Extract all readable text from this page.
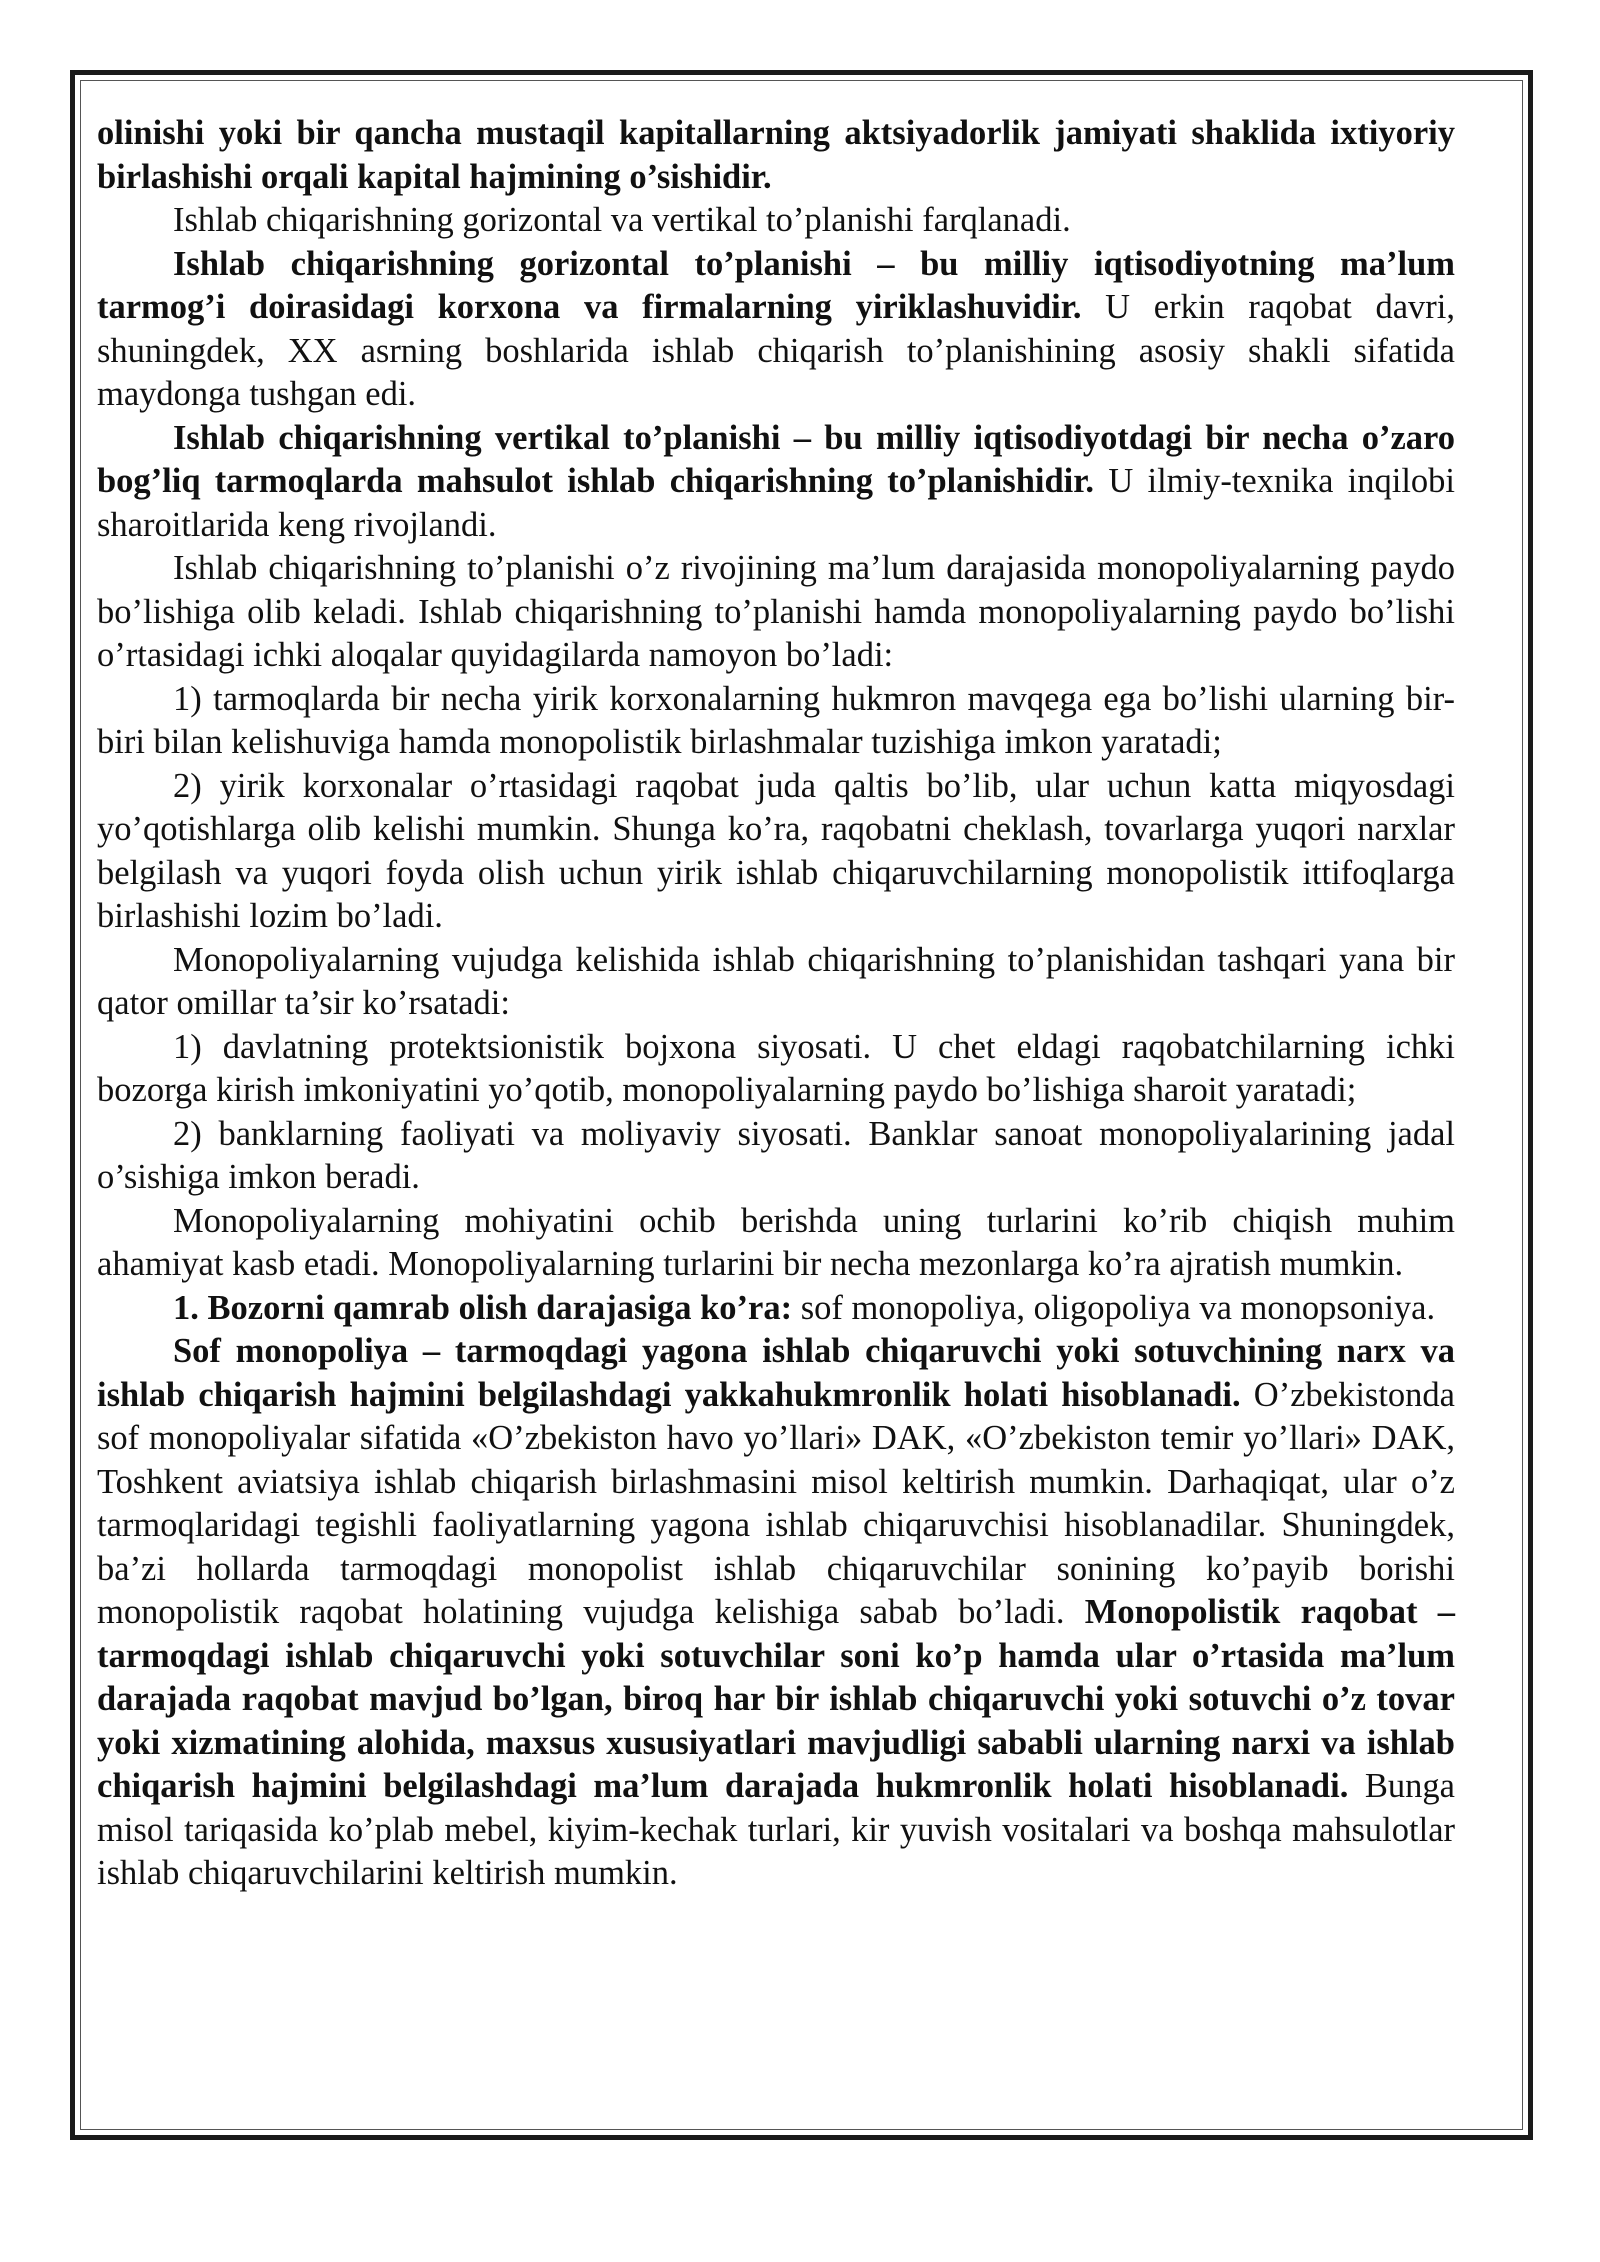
olinishi yoki bir qancha mustaqil kapitallarning aktsiyadorlik jamiyati shaklida ixtiyoriy birlashishi orqali kapital hajmining o’sishidir.

Ishlab chiqarishning gorizontal va vertikal to’planishi farqlanadi.

Ishlab chiqarishning gorizontal to’planishi – bu milliy iqtisodiyotning ma’lum tarmog’i doirasidagi korxona va firmalarning yiriklashuvidir. U erkin raqobat davri, shuningdek, XX asrning boshlarida ishlab chiqarish to’planishining asosiy shakli sifatida maydonga tushgan edi.

Ishlab chiqarishning vertikal to’planishi – bu milliy iqtisodiyotdagi bir necha o’zaro bog’liq tarmoqlarda mahsulot ishlab chiqarishning to’planishidir. U ilmiy-texnika inqilobi sharoitlarida keng rivojlandi.

Ishlab chiqarishning to’planishi o’z rivojining ma’lum darajasida monopoliyalarning paydo bo’lishiga olib keladi. Ishlab chiqarishning to’planishi hamda monopoliyalarning paydo bo’lishi o’rtasidagi ichki aloqalar quyidagilarda namoyon bo’ladi:

1) tarmoqlarda bir necha yirik korxonalarning hukmron mavqega ega bo’lishi ularning bir-biri bilan kelishuviga hamda monopolistik birlashmalar tuzishiga imkon yaratadi;

2) yirik korxonalar o’rtasidagi raqobat juda qaltis bo’lib, ular uchun katta miqyosdagi yo’qotishlarga olib kelishi mumkin. Shunga ko’ra, raqobatni cheklash, tovarlarga yuqori narxlar belgilash va yuqori foyda olish uchun yirik ishlab chiqaruvchilarning monopolistik ittifoqlarga birlashishi lozim bo’ladi.

Monopoliyalarning vujudga kelishida ishlab chiqarishning to’planishidan tashqari yana bir qator omillar ta’sir ko’rsatadi:

1) davlatning protektsionistik bojxona siyosati. U chet eldagi raqobatchilarning ichki bozorga kirish imkoniyatini yo’qotib, monopoliyalarning paydo bo’lishiga sharoit yaratadi;

2) banklarning faoliyati va moliyaviy siyosati. Banklar sanoat monopoliyalarining jadal o’sishiga imkon beradi.

Monopoliyalarning mohiyatini ochib berishda uning turlarini ko’rib chiqish muhim ahamiyat kasb etadi. Monopoliyalarning turlarini bir necha mezonlarga ko’ra ajratish mumkin.

1. Bozorni qamrab olish darajasiga ko’ra: sof monopoliya, oligopoliya va monopsoniya.

Sof monopoliya – tarmoqdagi yagona ishlab chiqaruvchi yoki sotuvchining narx va ishlab chiqarish hajmini belgilashdagi yakkahukmronlik holati hisoblanadi. O’zbekistonda sof monopoliyalar sifatida «O’zbekiston havo yo’llari» DAK, «O’zbekiston temir yo’llari» DAK, Toshkent aviatsiya ishlab chiqarish birlashmasini misol keltirish mumkin. Darhaqiqat, ular o’z tarmoqlaridagi tegishli faoliyatlarning yagona ishlab chiqaruvchisi hisoblanadilar. Shuningdek, ba’zi hollarda tarmoqdagi monopolist ishlab chiqaruvchilar sonining ko’payib borishi monopolistik raqobat holatining vujudga kelishiga sabab bo’ladi. Monopolistik raqobat – tarmoqdagi ishlab chiqaruvchi yoki sotuvchilar soni ko’p hamda ular o’rtasida ma’lum darajada raqobat mavjud bo’lgan, biroq har bir ishlab chiqaruvchi yoki sotuvchi o’z tovar yoki xizmatining alohida, maxsus xususiyatlari mavjudligi sababli ularning narxi va ishlab chiqarish hajmini belgilashdagi ma’lum darajada hukmronlik holati hisoblanadi. Bunga misol tariqasida ko’plab mebel, kiyim-kechak turlari, kir yuvish vositalari va boshqa mahsulotlar ishlab chiqaruvchilarini keltirish mumkin.
